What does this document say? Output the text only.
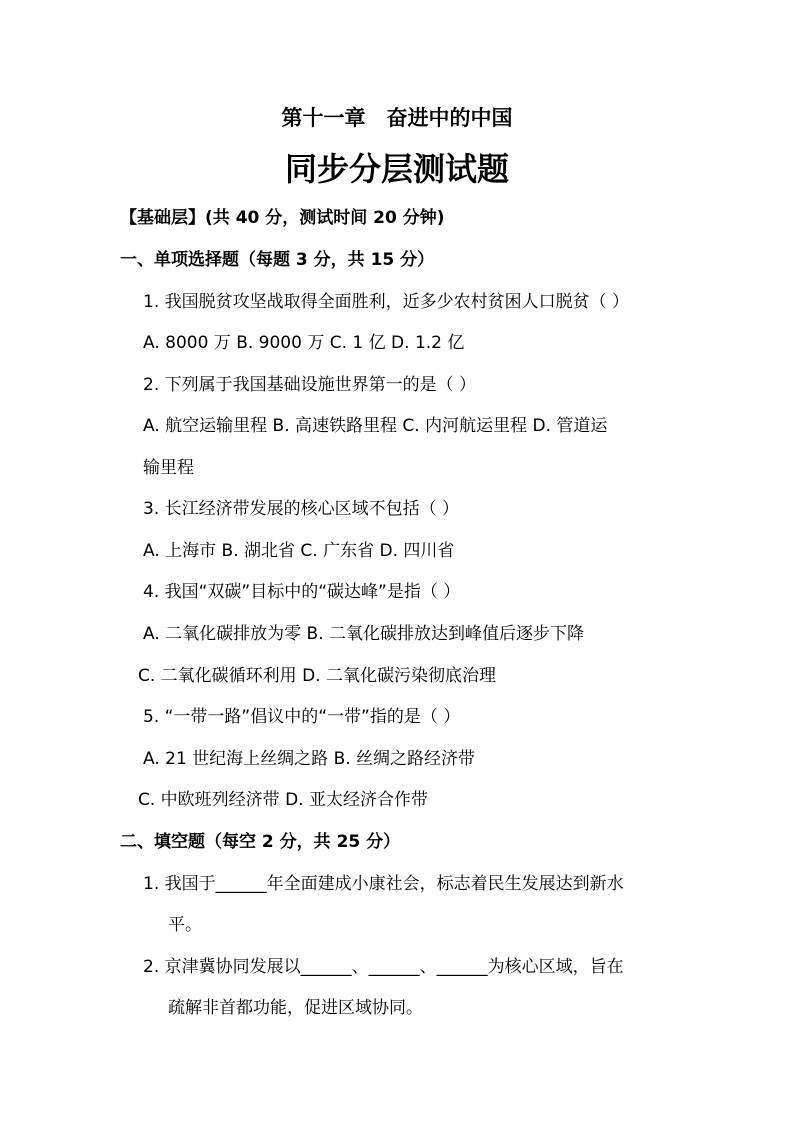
第十一章　奋进中的中国
同步分层测试题
【基础层】(共 40 分，测试时间 20 分钟)
一、单项选择题（每题 3 分，共 15 分）
1. 我国脱贫攻坚战取得全面胜利，近多少农村贫困人口脱贫（ ）
A. 8000 万 B. 9000 万 C. 1 亿 D. 1.2 亿
2. 下列属于我国基础设施世界第一的是（ ）
A. 航空运输里程 B. 高速铁路里程 C. 内河航运里程 D. 管道运
输里程
3. 长江经济带发展的核心区域不包括（ ）
A. 上海市 B. 湖北省 C. 广东省 D. 四川省
4. 我国“双碳”目标中的“碳达峰”是指（ ）
A. 二氧化碳排放为零 B. 二氧化碳排放达到峰值后逐步下降
C. 二氧化碳循环利用 D. 二氧化碳污染彻底治理
5. “一带一路”倡议中的“一带”指的是（ ）
A. 21 世纪海上丝绸之路 B. 丝绸之路经济带
C. 中欧班列经济带 D. 亚太经济合作带
二、填空题（每空 2 分，共 25 分）
1. 我国于______年全面建成小康社会，标志着民生发展达到新水
平。
2. 京津冀协同发展以______、______、______为核心区域，旨在
疏解非首都功能，促进区域协同。
